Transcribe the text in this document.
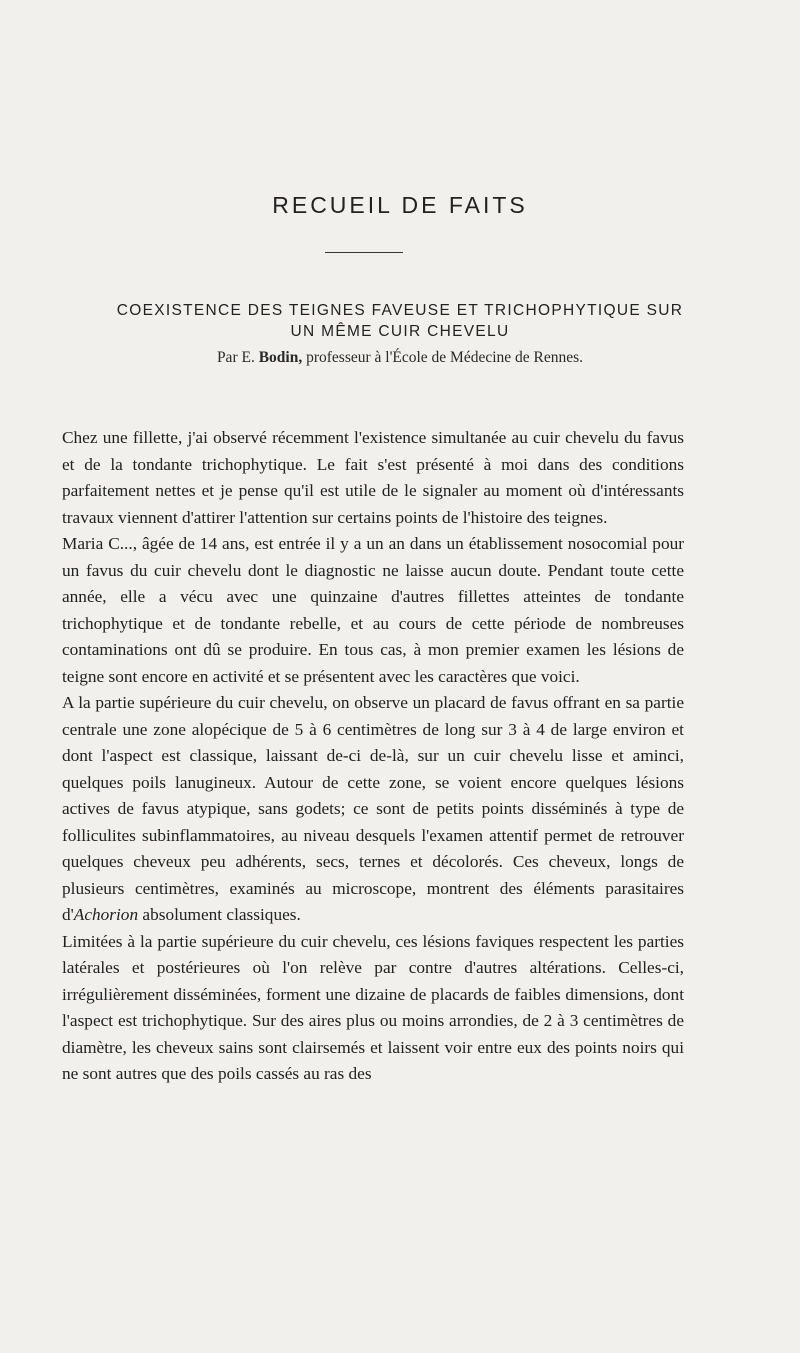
RECUEIL DE FAITS
COEXISTENCE DES TEIGNES FAVEUSE ET TRICHOPHYTIQUE SUR
UN MÊME CUIR CHEVELU
Par E. Bodin, professeur à l'École de Médecine de Rennes.

Chez une fillette, j'ai observé récemment l'existence simultanée au cuir chevelu du favus et de la tondante trichophytique. Le fait s'est présenté à moi dans des conditions parfaitement nettes et je pense qu'il est utile de le signaler au moment où d'intéressants travaux viennent d'attirer l'attention sur certains points de l'histoire des teignes.

Maria C..., âgée de 14 ans, est entrée il y a un an dans un établissement nosocomial pour un favus du cuir chevelu dont le diagnostic ne laisse aucun doute. Pendant toute cette année, elle a vécu avec une quinzaine d'autres fillettes atteintes de tondante trichophytique et de tondante rebelle, et au cours de cette période de nombreuses contaminations ont dû se produire. En tous cas, à mon premier examen les lésions de teigne sont encore en activité et se présentent avec les caractères que voici.

A la partie supérieure du cuir chevelu, on observe un placard de favus offrant en sa partie centrale une zone alopécique de 5 à 6 centimètres de long sur 3 à 4 de large environ et dont l'aspect est classique, laissant de-ci de-là, sur un cuir chevelu lisse et aminci, quelques poils lanugineux. Autour de cette zone, se voient encore quelques lésions actives de favus atypique, sans godets; ce sont de petits points disséminés à type de folliculites subinflammatoires, au niveau desquels l'examen attentif permet de retrouver quelques cheveux peu adhérents, secs, ternes et décolorés. Ces cheveux, longs de plusieurs centimètres, examinés au microscope, montrent des éléments parasitaires d'Achorion absolument classiques.

Limitées à la partie supérieure du cuir chevelu, ces lésions faviques respectent les parties latérales et postérieures où l'on relève par contre d'autres altérations. Celles-ci, irrégulièrement disséminées, forment une dizaine de placards de faibles dimensions, dont l'aspect est trichophytique. Sur des aires plus ou moins arrondies, de 2 à 3 centimètres de diamètre, les cheveux sains sont clairsemés et laissent voir entre eux des points noirs qui ne sont autres que des poils cassés au ras des
